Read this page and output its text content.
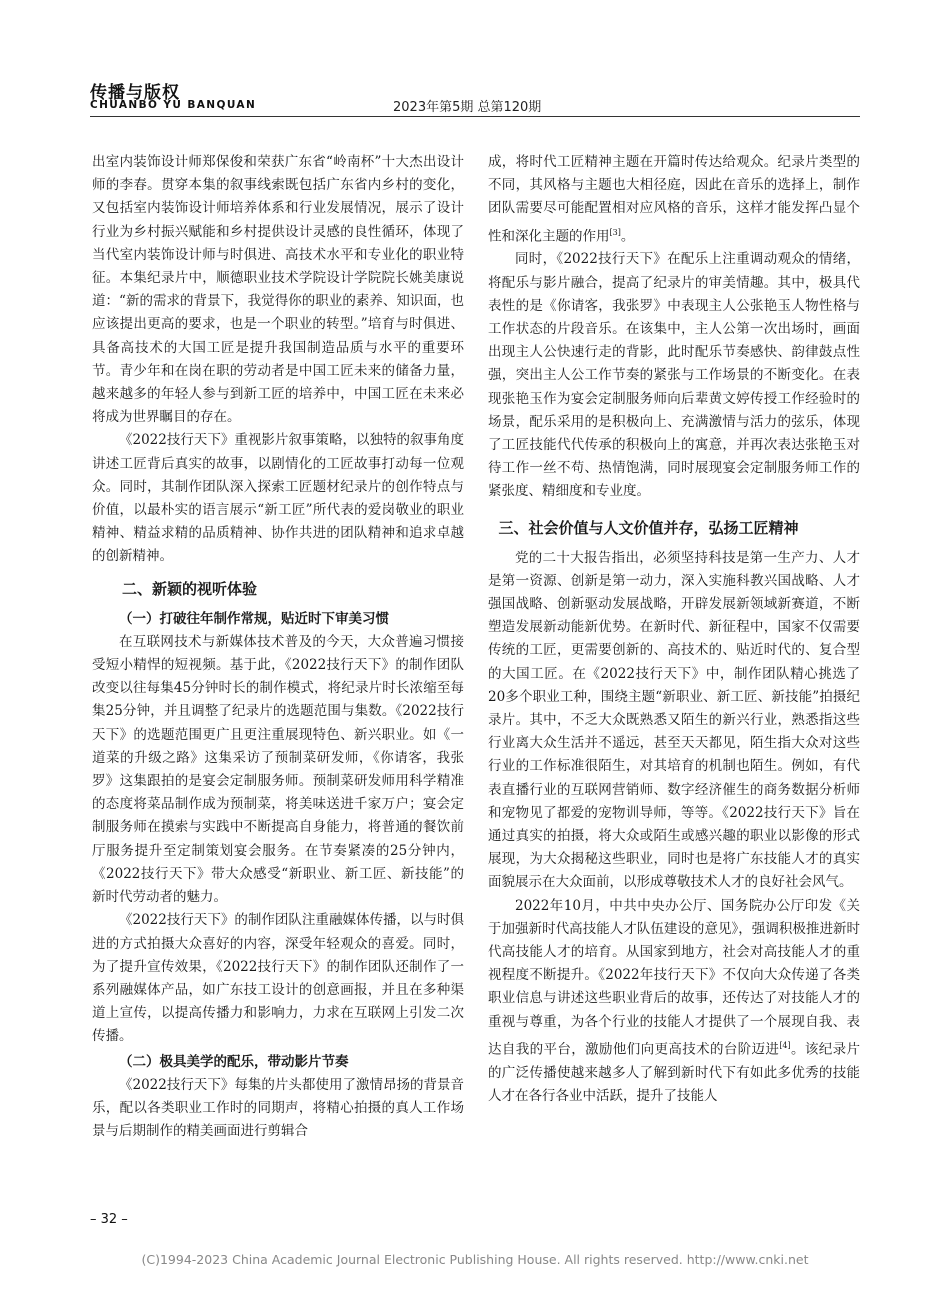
传播与版权
CHUANBO YU BANQUAN	2023年第5期 总第120期

出室内装饰设计师郑保俊和荣获广东省“岭南杯”十大杰出设计师的李春。贯穿本集的叙事线索既包括广东省内乡村的变化，又包括室内装饰设计师培养体系和行业发展情况，展示了设计行业为乡村振兴赋能和乡村提供设计灵感的良性循环，体现了当代室内装饰设计师与时俱进、高技术水平和专业化的职业特征。本集纪录片中，顺德职业技术学院设计学院院长姚美康说道：“新的需求的背景下，我觉得你的职业的素养、知识面，也应该提出更高的要求，也是一个职业的转型。”培育与时俱进、具备高技术的大国工匠是提升我国制造品质与水平的重要环节。青少年和在岗在职的劳动者是中国工匠未来的储备力量，越来越多的年轻人参与到新工匠的培养中，中国工匠在未来必将成为世界瞩目的存在。

《2022技行天下》重视影片叙事策略，以独特的叙事角度讲述工匠背后真实的故事，以剧情化的工匠故事打动每一位观众。同时，其制作团队深入探索工匠题材纪录片的创作特点与价值，以最朴实的语言展示“新工匠”所代表的爱岗敬业的职业精神、精益求精的品质精神、协作共进的团队精神和追求卓越的创新精神。

二、新颖的视听体验
（一）打破往年制作常规，贴近时下审美习惯

在互联网技术与新媒体技术普及的今天，大众普遍习惯接受短小精悍的短视频。基于此，《2022技行天下》的制作团队改变以往每集45分钟时长的制作模式，将纪录片时长浓缩至每集25分钟，并且调整了纪录片的选题范围与集数。《2022技行天下》的选题范围更广且更注重展现特色、新兴职业。如《一道菜的升级之路》这集采访了预制菜研发师，《你请客，我张罗》这集跟拍的是宴会定制服务师。预制菜研发师用科学精准的态度将菜品制作成为预制菜，将美味送进千家万户；宴会定制服务师在摸索与实践中不断提高自身能力，将普通的餐饮前厅服务提升至定制策划宴会服务。在节奏紧凑的25分钟内，《2022技行天下》带大众感受“新职业、新工匠、新技能”的新时代劳动者的魅力。

《2022技行天下》的制作团队注重融媒体传播，以与时俱进的方式拍摄大众喜好的内容，深受年轻观众的喜爱。同时，为了提升宣传效果，《2022技行天下》的制作团队还制作了一系列融媒体产品，如广东技工设计的创意画报，并且在多种渠道上宣传，以提高传播力和影响力，力求在互联网上引发二次传播。

（二）极具美学的配乐，带动影片节奏

《2022技行天下》每集的片头都使用了激情昂扬的背景音乐，配以各类职业工作时的同期声，将精心拍摄的真人工作场景与后期制作的精美画面进行剪辑合

成，将时代工匠精神主题在开篇时传达给观众。纪录片类型的不同，其风格与主题也大相径庭，因此在音乐的选择上，制作团队需要尽可能配置相对应风格的音乐，这样才能发挥凸显个性和深化主题的作用[3]。

同时，《2022技行天下》在配乐上注重调动观众的情绪，将配乐与影片融合，提高了纪录片的审美情趣。其中，极具代表性的是《你请客，我张罗》中表现主人公张艳玉人物性格与工作状态的片段音乐。在该集中，主人公第一次出场时，画面出现主人公快速行走的背影，此时配乐节奏感快、韵律鼓点性强，突出主人公工作节奏的紧张与工作场景的不断变化。在表现张艳玉作为宴会定制服务师向后辈黄文婷传授工作经验时的场景，配乐采用的是积极向上、充满激情与活力的弦乐，体现了工匠技能代代传承的积极向上的寓意，并再次表达张艳玉对待工作一丝不苟、热情饱满，同时展现宴会定制服务师工作的紧张度、精细度和专业度。

三、社会价值与人文价值并存，弘扬工匠精神

党的二十大报告指出，必须坚持科技是第一生产力、人才是第一资源、创新是第一动力，深入实施科教兴国战略、人才强国战略、创新驱动发展战略，开辟发展新领域新赛道，不断塑造发展新动能新优势。在新时代、新征程中，国家不仅需要传统的工匠，更需要创新的、高技术的、贴近时代的、复合型的大国工匠。在《2022技行天下》中，制作团队精心挑选了20多个职业工种，围绕主题“新职业、新工匠、新技能”拍摄纪录片。其中，不乏大众既熟悉又陌生的新兴行业，熟悉指这些行业离大众生活并不遥远，甚至天天都见，陌生指大众对这些行业的工作标准很陌生，对其培育的机制也陌生。例如，有代表直播行业的互联网营销师、数字经济催生的商务数据分析师和宠物见了都爱的宠物训导师，等等。《2022技行天下》旨在通过真实的拍摄，将大众或陌生或感兴趣的职业以影像的形式展现，为大众揭秘这些职业，同时也是将广东技能人才的真实面貌展示在大众面前，以形成尊敬技术人才的良好社会风气。

2022年10月，中共中央办公厅、国务院办公厅印发《关于加强新时代高技能人才队伍建设的意见》，强调积极推进新时代高技能人才的培育。从国家到地方，社会对高技能人才的重视程度不断提升。《2022年技行天下》不仅向大众传递了各类职业信息与讲述这些职业背后的故事，还传达了对技能人才的重视与尊重，为各个行业的技能人才提供了一个展现自我、表达自我的平台，激励他们向更高技术的台阶迈进[4]。该纪录片的广泛传播使越来越多人了解到新时代下有如此多优秀的技能人才在各行各业中活跃，提升了技能人

– 32 –
(C)1994-2023 China Academic Journal Electronic Publishing House. All rights reserved. http://www.cnki.net
